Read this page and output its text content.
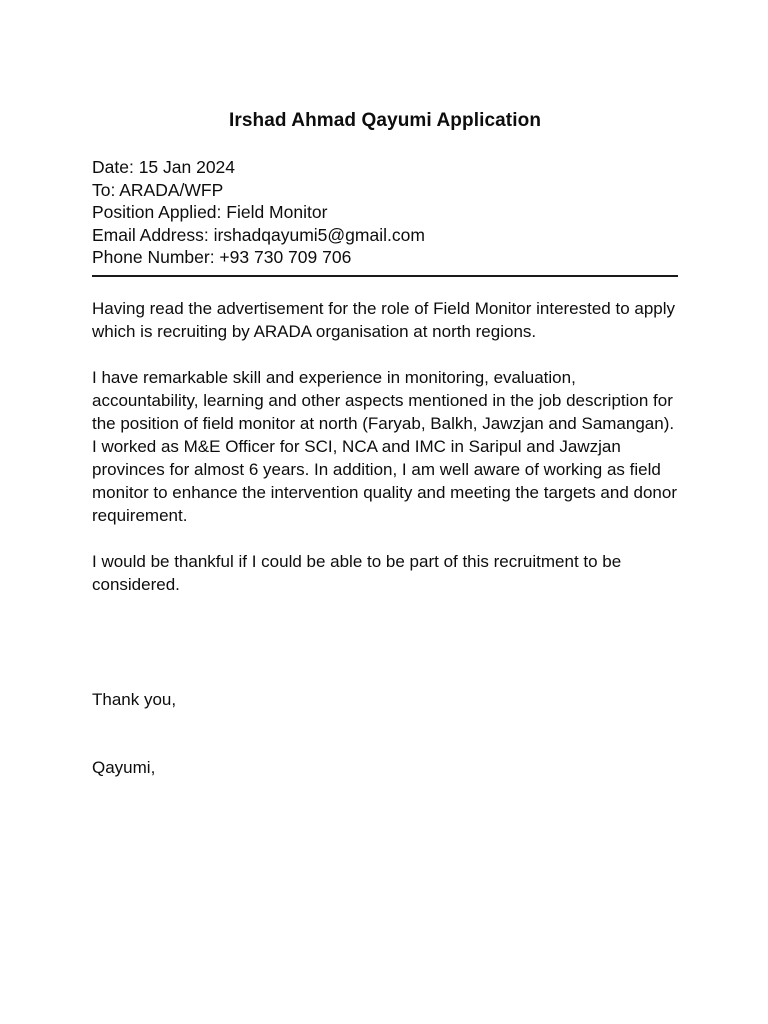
Irshad Ahmad Qayumi Application
Date: 15 Jan 2024
To: ARADA/WFP
Position Applied: Field Monitor
Email Address: irshadqayumi5@gmail.com
Phone Number: +93 730 709 706

Having read the advertisement for the role of Field Monitor interested to apply which is recruiting by ARADA organisation at north regions.

I have remarkable skill and experience in monitoring, evaluation, accountability, learning and other aspects mentioned in the job description for the position of field monitor at north (Faryab, Balkh, Jawzjan and Samangan). I worked as M&E Officer for SCI, NCA and IMC in Saripul and Jawzjan provinces for almost 6 years. In addition, I am well aware of working as field monitor to enhance the intervention quality and meeting the targets and donor requirement.

I would be thankful if I could be able to be part of this recruitment to be considered.

Thank you,

Qayumi,
